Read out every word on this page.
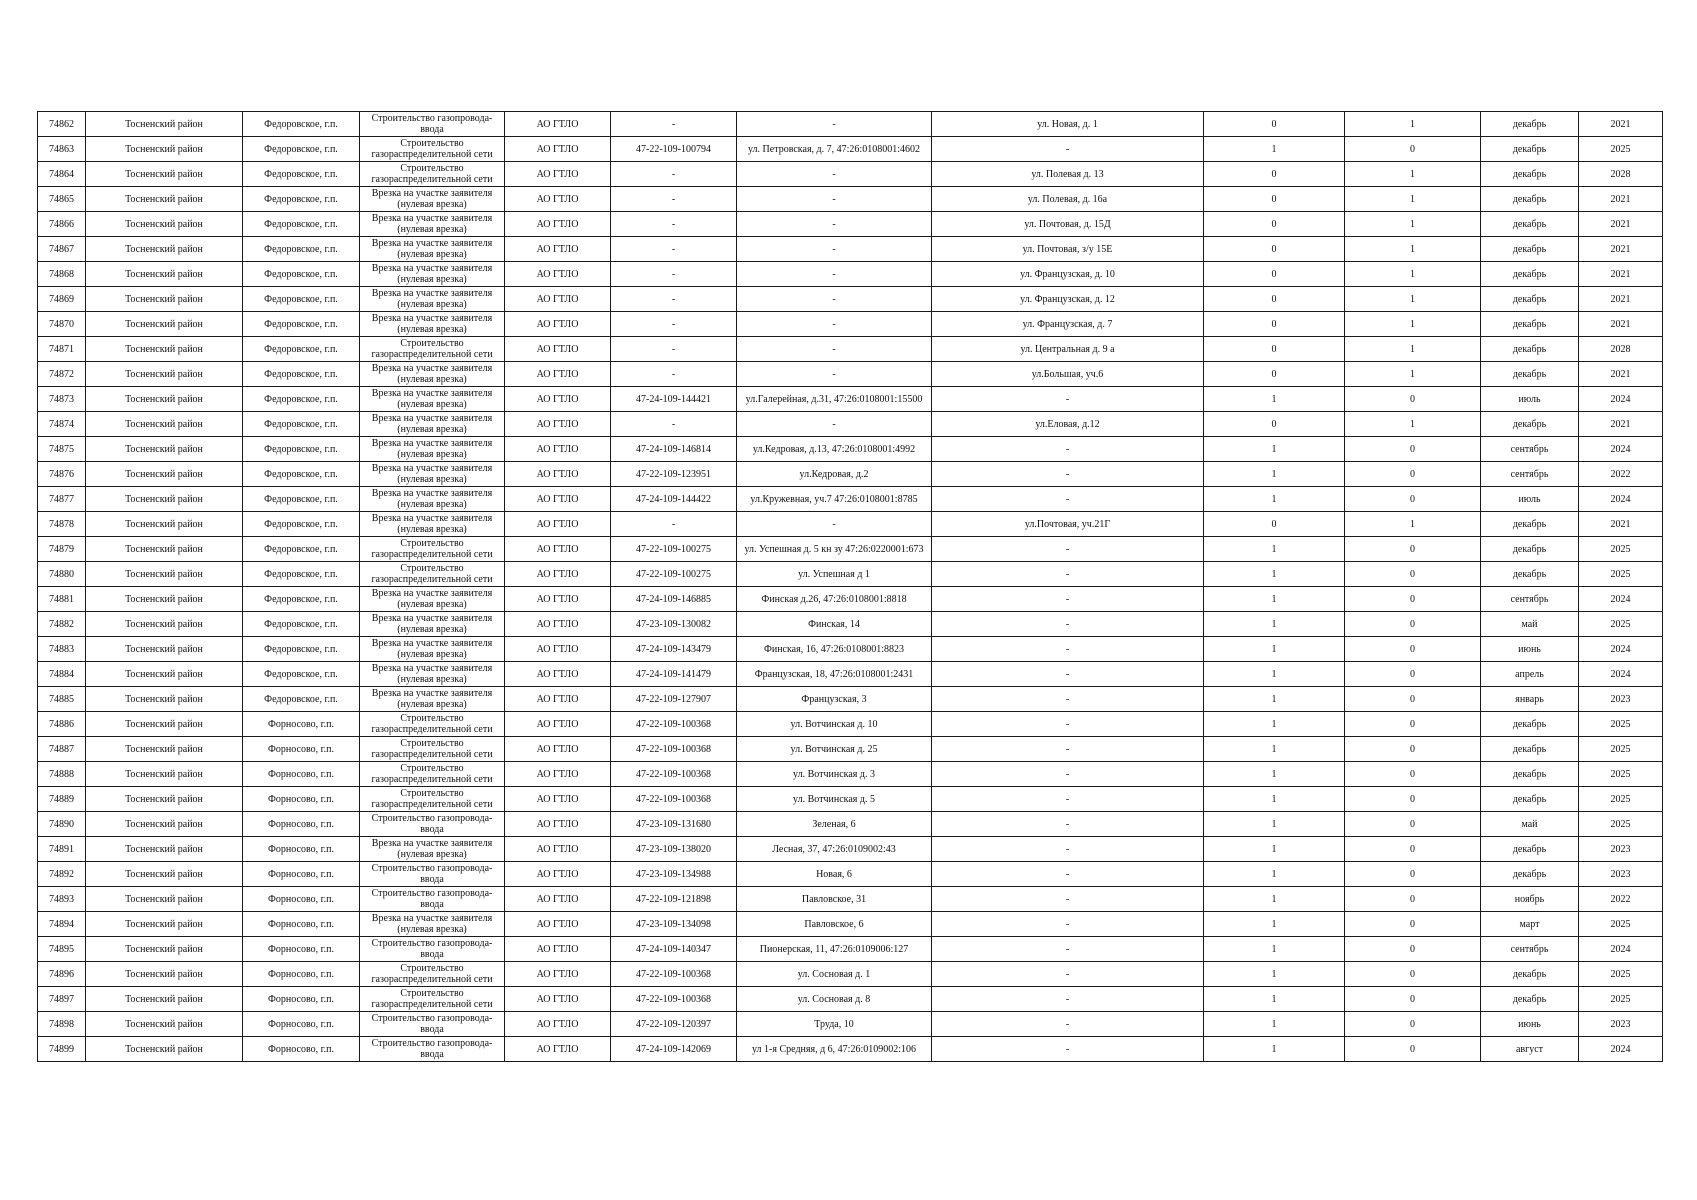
74862	Тосненский район	Федоровское, г.п.	Строительство газопровода-ввода	АО ГТЛО	-	-	ул. Новая, д. 1	0	1	декабрь	2021
74863	Тосненский район	Федоровское, г.п.	Строительство газораспределительной сети	АО ГТЛО	47-22-109-100794	ул. Петровская, д. 7, 47:26:0108001:4602	-	1	0	декабрь	2025
74864	Тосненский район	Федоровское, г.п.	Строительство газораспределительной сети	АО ГТЛО	-	-	ул. Полевая д. 13	0	1	декабрь	2028
74865	Тосненский район	Федоровское, г.п.	Врезка на участке заявителя (нулевая врезка)	АО ГТЛО	-	-	ул. Полевая, д. 16а	0	1	декабрь	2021
74866	Тосненский район	Федоровское, г.п.	Врезка на участке заявителя (нулевая врезка)	АО ГТЛО	-	-	ул. Почтовая, д. 15Д	0	1	декабрь	2021
74867	Тосненский район	Федоровское, г.п.	Врезка на участке заявителя (нулевая врезка)	АО ГТЛО	-	-	ул. Почтовая, з/у 15Е	0	1	декабрь	2021
74868	Тосненский район	Федоровское, г.п.	Врезка на участке заявителя (нулевая врезка)	АО ГТЛО	-	-	ул. Французская, д. 10	0	1	декабрь	2021
74869	Тосненский район	Федоровское, г.п.	Врезка на участке заявителя (нулевая врезка)	АО ГТЛО	-	-	ул. Французская, д. 12	0	1	декабрь	2021
74870	Тосненский район	Федоровское, г.п.	Врезка на участке заявителя (нулевая врезка)	АО ГТЛО	-	-	ул. Французская, д. 7	0	1	декабрь	2021
74871	Тосненский район	Федоровское, г.п.	Строительство газораспределительной сети	АО ГТЛО	-	-	ул. Центральная д. 9 а	0	1	декабрь	2028
74872	Тосненский район	Федоровское, г.п.	Врезка на участке заявителя (нулевая врезка)	АО ГТЛО	-	-	ул.Большая, уч.6	0	1	декабрь	2021
74873	Тосненский район	Федоровское, г.п.	Врезка на участке заявителя (нулевая врезка)	АО ГТЛО	47-24-109-144421	ул.Галерейная, д.31, 47:26:0108001:15500	-	1	0	июль	2024
74874	Тосненский район	Федоровское, г.п.	Врезка на участке заявителя (нулевая врезка)	АО ГТЛО	-	-	ул.Еловая, д.12	0	1	декабрь	2021
74875	Тосненский район	Федоровское, г.п.	Врезка на участке заявителя (нулевая врезка)	АО ГТЛО	47-24-109-146814	ул.Кедровая, д.13, 47:26:0108001:4992	-	1	0	сентябрь	2024
74876	Тосненский район	Федоровское, г.п.	Врезка на участке заявителя (нулевая врезка)	АО ГТЛО	47-22-109-123951	ул.Кедровая, д.2	-	1	0	сентябрь	2022
74877	Тосненский район	Федоровское, г.п.	Врезка на участке заявителя (нулевая врезка)	АО ГТЛО	47-24-109-144422	ул.Кружевная, уч.7 47:26:0108001:8785	-	1	0	июль	2024
74878	Тосненский район	Федоровское, г.п.	Врезка на участке заявителя (нулевая врезка)	АО ГТЛО	-	-	ул.Почтовая, уч.21Г	0	1	декабрь	2021
74879	Тосненский район	Федоровское, г.п.	Строительство газораспределительной сети	АО ГТЛО	47-22-109-100275	ул. Успешная д. 5 кн зу 47:26:0220001:673	-	1	0	декабрь	2025
74880	Тосненский район	Федоровское, г.п.	Строительство газораспределительной сети	АО ГТЛО	47-22-109-100275	ул. Успешная д 1	-	1	0	декабрь	2025
74881	Тосненский район	Федоровское, г.п.	Врезка на участке заявителя (нулевая врезка)	АО ГТЛО	47-24-109-146885	Финская д.26, 47:26:0108001:8818	-	1	0	сентябрь	2024
74882	Тосненский район	Федоровское, г.п.	Врезка на участке заявителя (нулевая врезка)	АО ГТЛО	47-23-109-130082	Финская, 14	-	1	0	май	2025
74883	Тосненский район	Федоровское, г.п.	Врезка на участке заявителя (нулевая врезка)	АО ГТЛО	47-24-109-143479	Финская, 16, 47:26:0108001:8823	-	1	0	июнь	2024
74884	Тосненский район	Федоровское, г.п.	Врезка на участке заявителя (нулевая врезка)	АО ГТЛО	47-24-109-141479	Французская, 18, 47:26:0108001:2431	-	1	0	апрель	2024
74885	Тосненский район	Федоровское, г.п.	Врезка на участке заявителя (нулевая врезка)	АО ГТЛО	47-22-109-127907	Французская, 3	-	1	0	январь	2023
74886	Тосненский район	Форносово, г.п.	Строительство газораспределительной сети	АО ГТЛО	47-22-109-100368	ул. Вотчинская д. 10	-	1	0	декабрь	2025
74887	Тосненский район	Форносово, г.п.	Строительство газораспределительной сети	АО ГТЛО	47-22-109-100368	ул. Вотчинская д. 25	-	1	0	декабрь	2025
74888	Тосненский район	Форносово, г.п.	Строительство газораспределительной сети	АО ГТЛО	47-22-109-100368	ул. Вотчинская д. 3	-	1	0	декабрь	2025
74889	Тосненский район	Форносово, г.п.	Строительство газораспределительной сети	АО ГТЛО	47-22-109-100368	ул. Вотчинская д. 5	-	1	0	декабрь	2025
74890	Тосненский район	Форносово, г.п.	Строительство газопровода-ввода	АО ГТЛО	47-23-109-131680	Зеленая, 6	-	1	0	май	2025
74891	Тосненский район	Форносово, г.п.	Врезка на участке заявителя (нулевая врезка)	АО ГТЛО	47-23-109-138020	Лесная, 37, 47:26:0109002:43	-	1	0	декабрь	2023
74892	Тосненский район	Форносово, г.п.	Строительство газопровода-ввода	АО ГТЛО	47-23-109-134988	Новая, 6	-	1	0	декабрь	2023
74893	Тосненский район	Форносово, г.п.	Строительство газопровода-ввода	АО ГТЛО	47-22-109-121898	Павловское, 31	-	1	0	ноябрь	2022
74894	Тосненский район	Форносово, г.п.	Врезка на участке заявителя (нулевая врезка)	АО ГТЛО	47-23-109-134098	Павловское, 6	-	1	0	март	2025
74895	Тосненский район	Форносово, г.п.	Строительство газопровода-ввода	АО ГТЛО	47-24-109-140347	Пионерская, 11, 47:26:0109006:127	-	1	0	сентябрь	2024
74896	Тосненский район	Форносово, г.п.	Строительство газораспределительной сети	АО ГТЛО	47-22-109-100368	ул. Сосновая д. 1	-	1	0	декабрь	2025
74897	Тосненский район	Форносово, г.п.	Строительство газораспределительной сети	АО ГТЛО	47-22-109-100368	ул. Сосновая д. 8	-	1	0	декабрь	2025
74898	Тосненский район	Форносово, г.п.	Строительство газопровода-ввода	АО ГТЛО	47-22-109-120397	Труда, 10	-	1	0	июнь	2023
74899	Тосненский район	Форносово, г.п.	Строительство газопровода-ввода	АО ГТЛО	47-24-109-142069	ул 1-я Средняя, д 6, 47:26:0109002:106	-	1	0	август	2024
